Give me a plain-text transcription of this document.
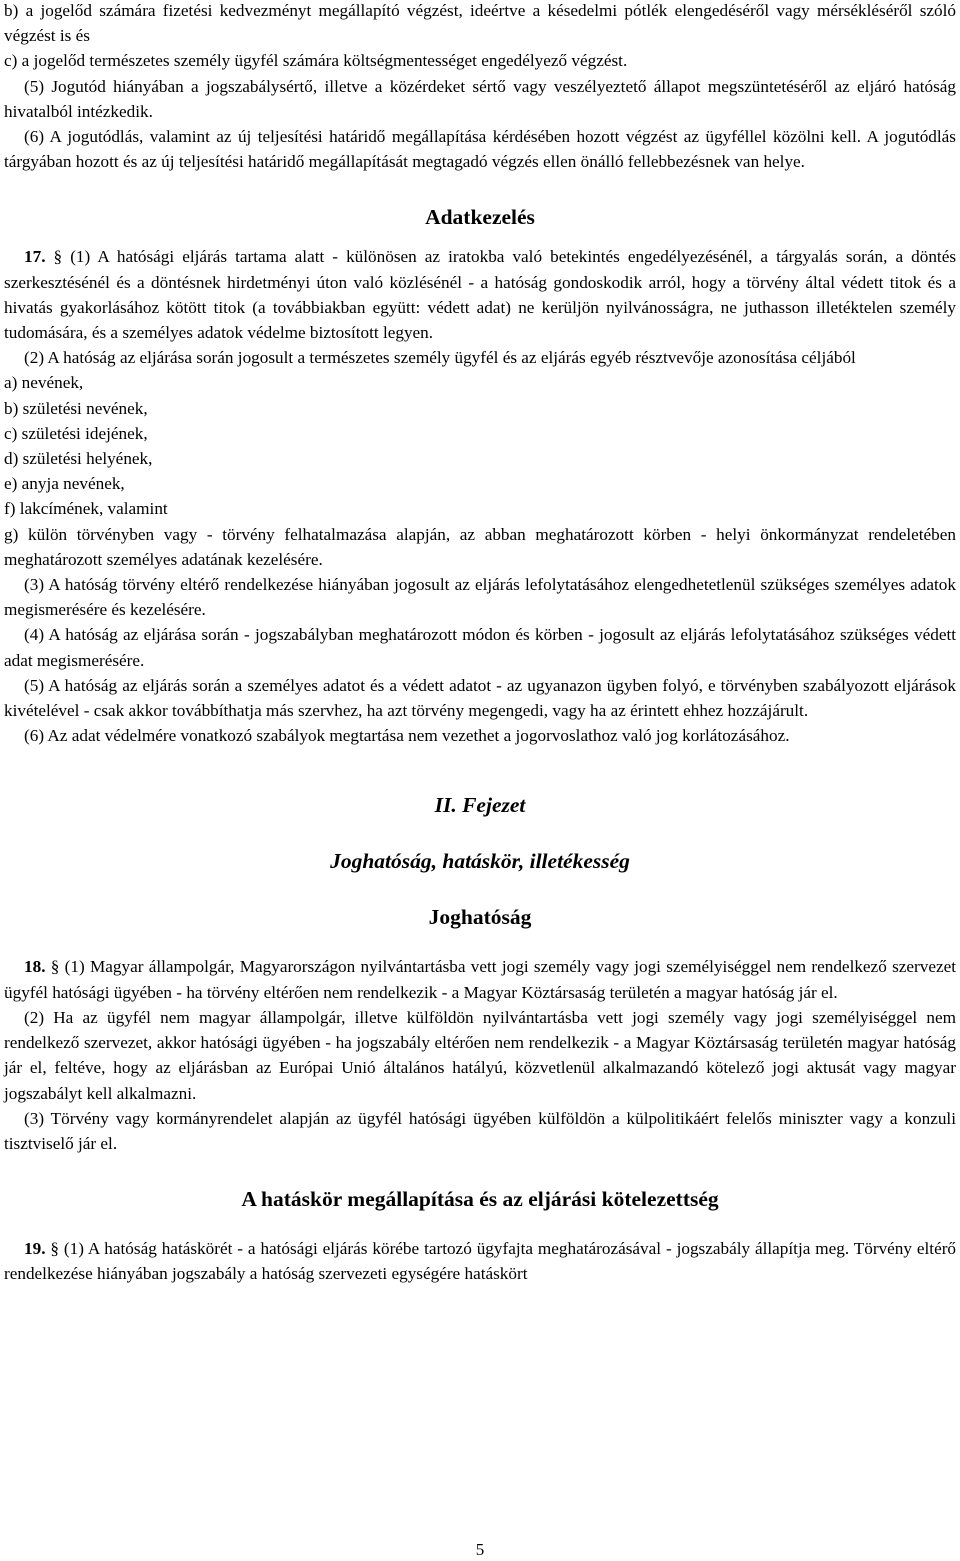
b) a jogelőd számára fizetési kedvezményt megállapító végzést, ideértve a késedelmi pótlék elengedéséről vagy mérsékléséről szóló végzést is és

c) a jogelőd természetes személy ügyfél számára költségmentességet engedélyező végzést.

(5) Jogutód hiányában a jogszabálysértő, illetve a közérdeket sértő vagy veszélyeztető állapot megszüntetéséről az eljáró hatóság hivatalból intézkedik.

(6) A jogutódlás, valamint az új teljesítési határidő megállapítása kérdésében hozott végzést az ügyféllel közölni kell. A jogutódlás tárgyában hozott és az új teljesítési határidő megállapítását megtagadó végzés ellen önálló fellebbezésnek van helye.

Adatkezelés

17. § (1) A hatósági eljárás tartama alatt - különösen az iratokba való betekintés engedélyezésénél, a tárgyalás során, a döntés szerkesztésénél és a döntésnek hirdetményi úton való közlésénél - a hatóság gondoskodik arról, hogy a törvény által védett titok és a hivatás gyakorlásához kötött titok (a továbbiakban együtt: védett adat) ne kerüljön nyilvánosságra, ne juthasson illetéktelen személy tudomására, és a személyes adatok védelme biztosított legyen.

(2) A hatóság az eljárása során jogosult a természetes személy ügyfél és az eljárás egyéb résztvevője azonosítása céljából

a) nevének,

b) születési nevének,

c) születési idejének,

d) születési helyének,

e) anyja nevének,

f) lakcímének, valamint

g) külön törvényben vagy - törvény felhatalmazása alapján, az abban meghatározott körben - helyi önkormányzat rendeletében meghatározott személyes adatának kezelésére.

(3) A hatóság törvény eltérő rendelkezése hiányában jogosult az eljárás lefolytatásához elengedhetetlenül szükséges személyes adatok megismerésére és kezelésére.

(4) A hatóság az eljárása során - jogszabályban meghatározott módon és körben - jogosult az eljárás lefolytatásához szükséges védett adat megismerésére.

(5) A hatóság az eljárás során a személyes adatot és a védett adatot - az ugyanazon ügyben folyó, e törvényben szabályozott eljárások kivételével - csak akkor továbbíthatja más szervhez, ha azt törvény megengedi, vagy ha az érintett ehhez hozzájárult.

(6) Az adat védelmére vonatkozó szabályok megtartása nem vezethet a jogorvoslathoz való jog korlátozásához.

II. Fejezet
Joghatóság, hatáskör, illetékesség
Joghatóság

18. § (1) Magyar állampolgár, Magyarországon nyilvántartásba vett jogi személy vagy jogi személyiséggel nem rendelkező szervezet ügyfél hatósági ügyében - ha törvény eltérően nem rendelkezik - a Magyar Köztársaság területén a magyar hatóság jár el.

(2) Ha az ügyfél nem magyar állampolgár, illetve külföldön nyilvántartásba vett jogi személy vagy jogi személyiséggel nem rendelkező szervezet, akkor hatósági ügyében - ha jogszabály eltérően nem rendelkezik - a Magyar Köztársaság területén magyar hatóság jár el, feltéve, hogy az eljárásban az Európai Unió általános hatályú, közvetlenül alkalmazandó kötelező jogi aktusát vagy magyar jogszabályt kell alkalmazni.

(3) Törvény vagy kormányrendelet alapján az ügyfél hatósági ügyében külföldön a külpolitikáért felelős miniszter vagy a konzuli tisztviselő jár el.

A hatáskör megállapítása és az eljárási kötelezettség

19. § (1) A hatóság hatáskörét - a hatósági eljárás körébe tartozó ügyfajta meghatározásával - jogszabály állapítja meg. Törvény eltérő rendelkezése hiányában jogszabály a hatóság szervezeti egységére hatáskört

5
